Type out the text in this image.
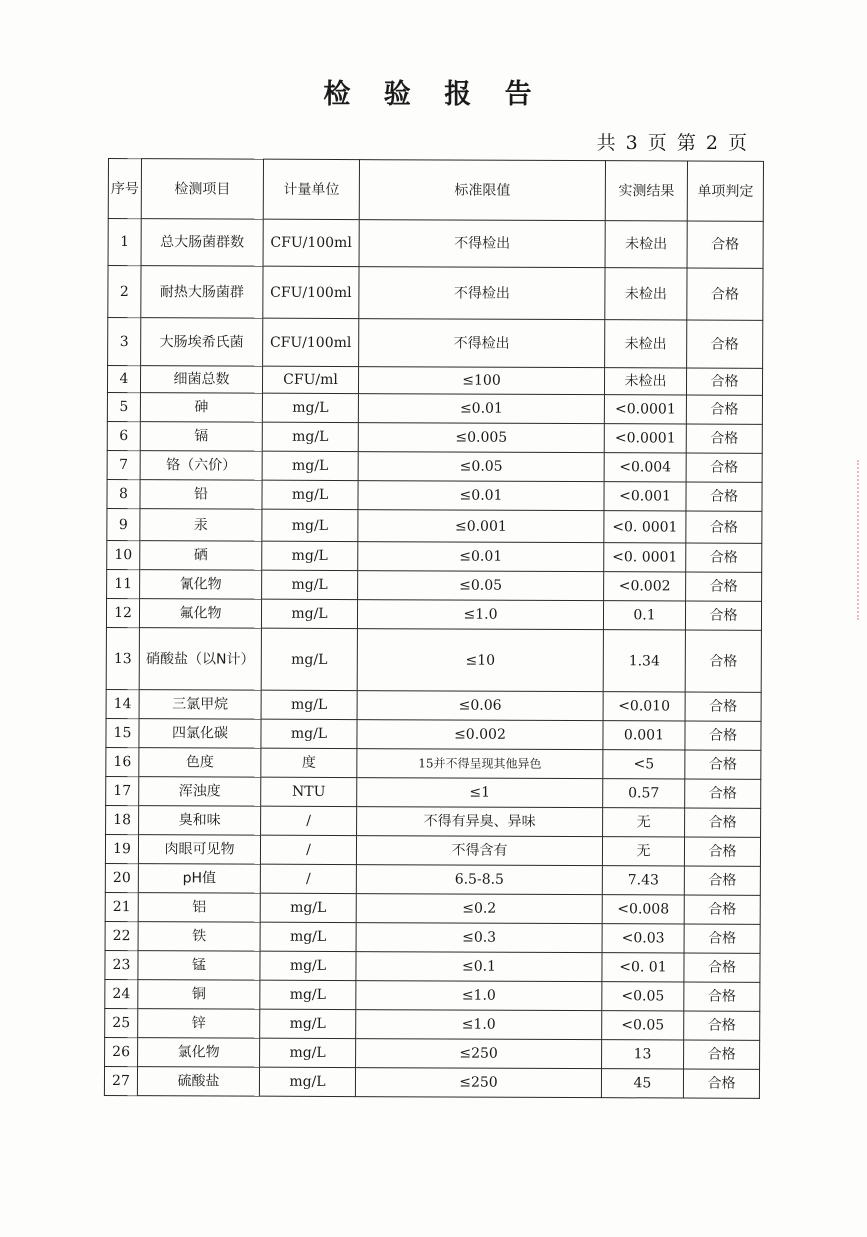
检 验 报 告
共 3 页 第 2 页
序号	检测项目	计量单位	标准限值	实测结果	单项判定
1	总大肠菌群数	CFU/100ml	不得检出	未检出	合格
2	耐热大肠菌群	CFU/100ml	不得检出	未检出	合格
3	大肠埃希氏菌	CFU/100ml	不得检出	未检出	合格
4	细菌总数	CFU/ml	≤100	未检出	合格
5	砷	mg/L	≤0.01	<0.0001	合格
6	镉	mg/L	≤0.005	<0.0001	合格
7	铬（六价）	mg/L	≤0.05	<0.004	合格
8	铅	mg/L	≤0.01	<0.001	合格
9	汞	mg/L	≤0.001	<0. 0001	合格
10	硒	mg/L	≤0.01	<0. 0001	合格
11	氰化物	mg/L	≤0.05	<0.002	合格
12	氟化物	mg/L	≤1.0	0.1	合格
13	硝酸盐（以N计）	mg/L	≤10	1.34	合格
14	三氯甲烷	mg/L	≤0.06	<0.010	合格
15	四氯化碳	mg/L	≤0.002	0.001	合格
16	色度	度	15并不得呈现其他异色	<5	合格
17	浑浊度	NTU	≤1	0.57	合格
18	臭和味	/	不得有异臭、异味	无	合格
19	肉眼可见物	/	不得含有	无	合格
20	pH值	/	6.5-8.5	7.43	合格
21	铝	mg/L	≤0.2	<0.008	合格
22	铁	mg/L	≤0.3	<0.03	合格
23	锰	mg/L	≤0.1	<0. 01	合格
24	铜	mg/L	≤1.0	<0.05	合格
25	锌	mg/L	≤1.0	<0.05	合格
26	氯化物	mg/L	≤250	13	合格
27	硫酸盐	mg/L	≤250	45	合格
